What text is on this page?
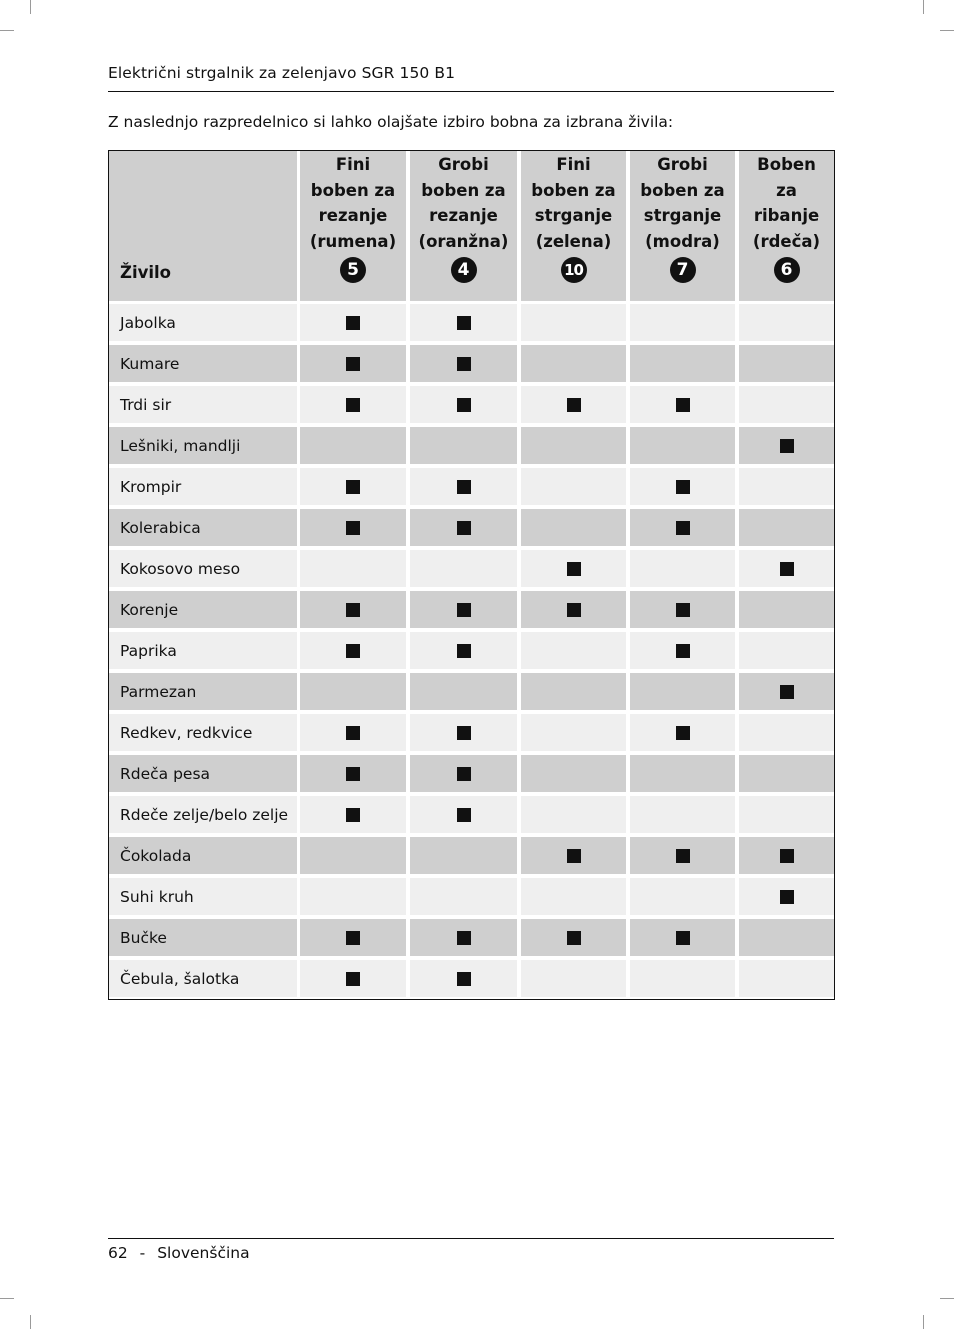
Električni strgalnik za zelenjavo SGR 150 B1
Z naslednjo razpredelnico si lahko olajšate izbiro bobna za izbrana živila:
Živilo
Fini
boben za
rezanje
(rumena)
5
Grobi
boben za
rezanje
(oranžna)
4
Fini
boben za
strganje
(zelena)
10
Grobi
boben za
strganje
(modra)
7
Boben
za
ribanje
(rdeča)
6
Jabolka
Kumare
Trdi sir
Lešniki, mandlji
Krompir
Kolerabica
Kokosovo meso
Korenje
Paprika
Parmezan
Redkev, redkvice
Rdeča pesa
Rdeče zelje/belo zelje
Čokolada
Suhi kruh
Bučke
Čebula, šalotka
62 - Slovenščina
